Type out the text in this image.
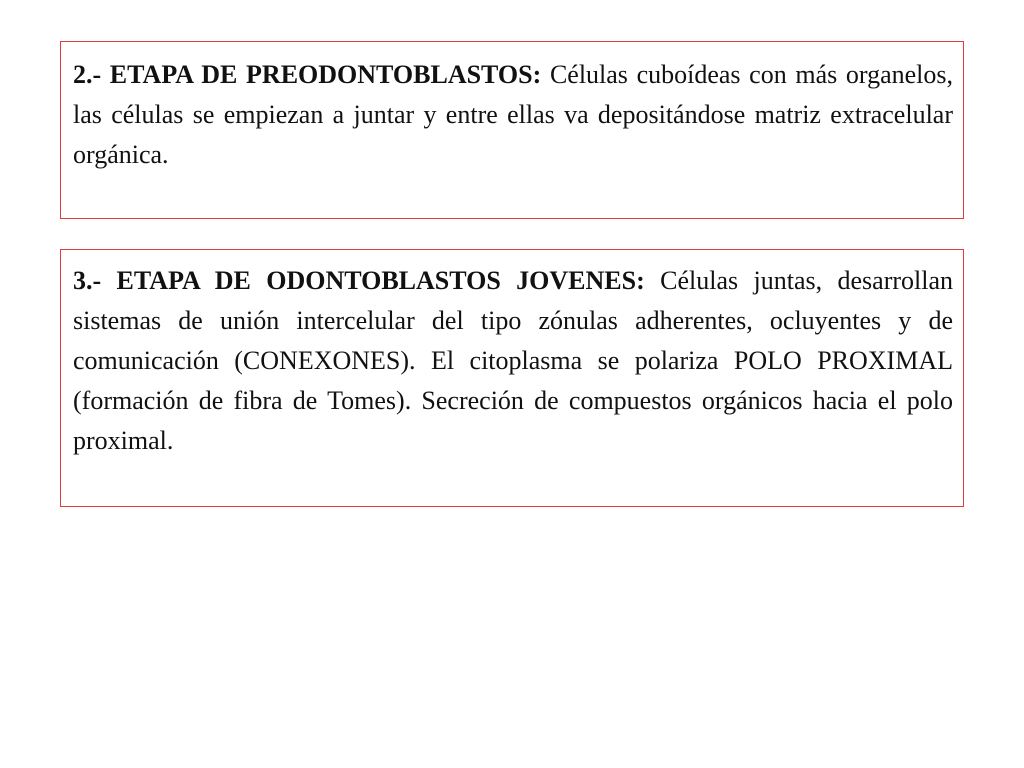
2.- ETAPA DE PREODONTOBLASTOS: Células cuboídeas con más organelos, las células se empiezan a juntar y entre ellas va depositándose matriz extracelular orgánica.
3.- ETAPA DE ODONTOBLASTOS JOVENES: Células juntas, desarrollan sistemas de unión intercelular del tipo zónulas adherentes, ocluyentes y de comunicación (CONEXONES). El citoplasma se polariza POLO PROXIMAL (formación de fibra de Tomes). Secreción de compuestos orgánicos hacia el polo proximal.
